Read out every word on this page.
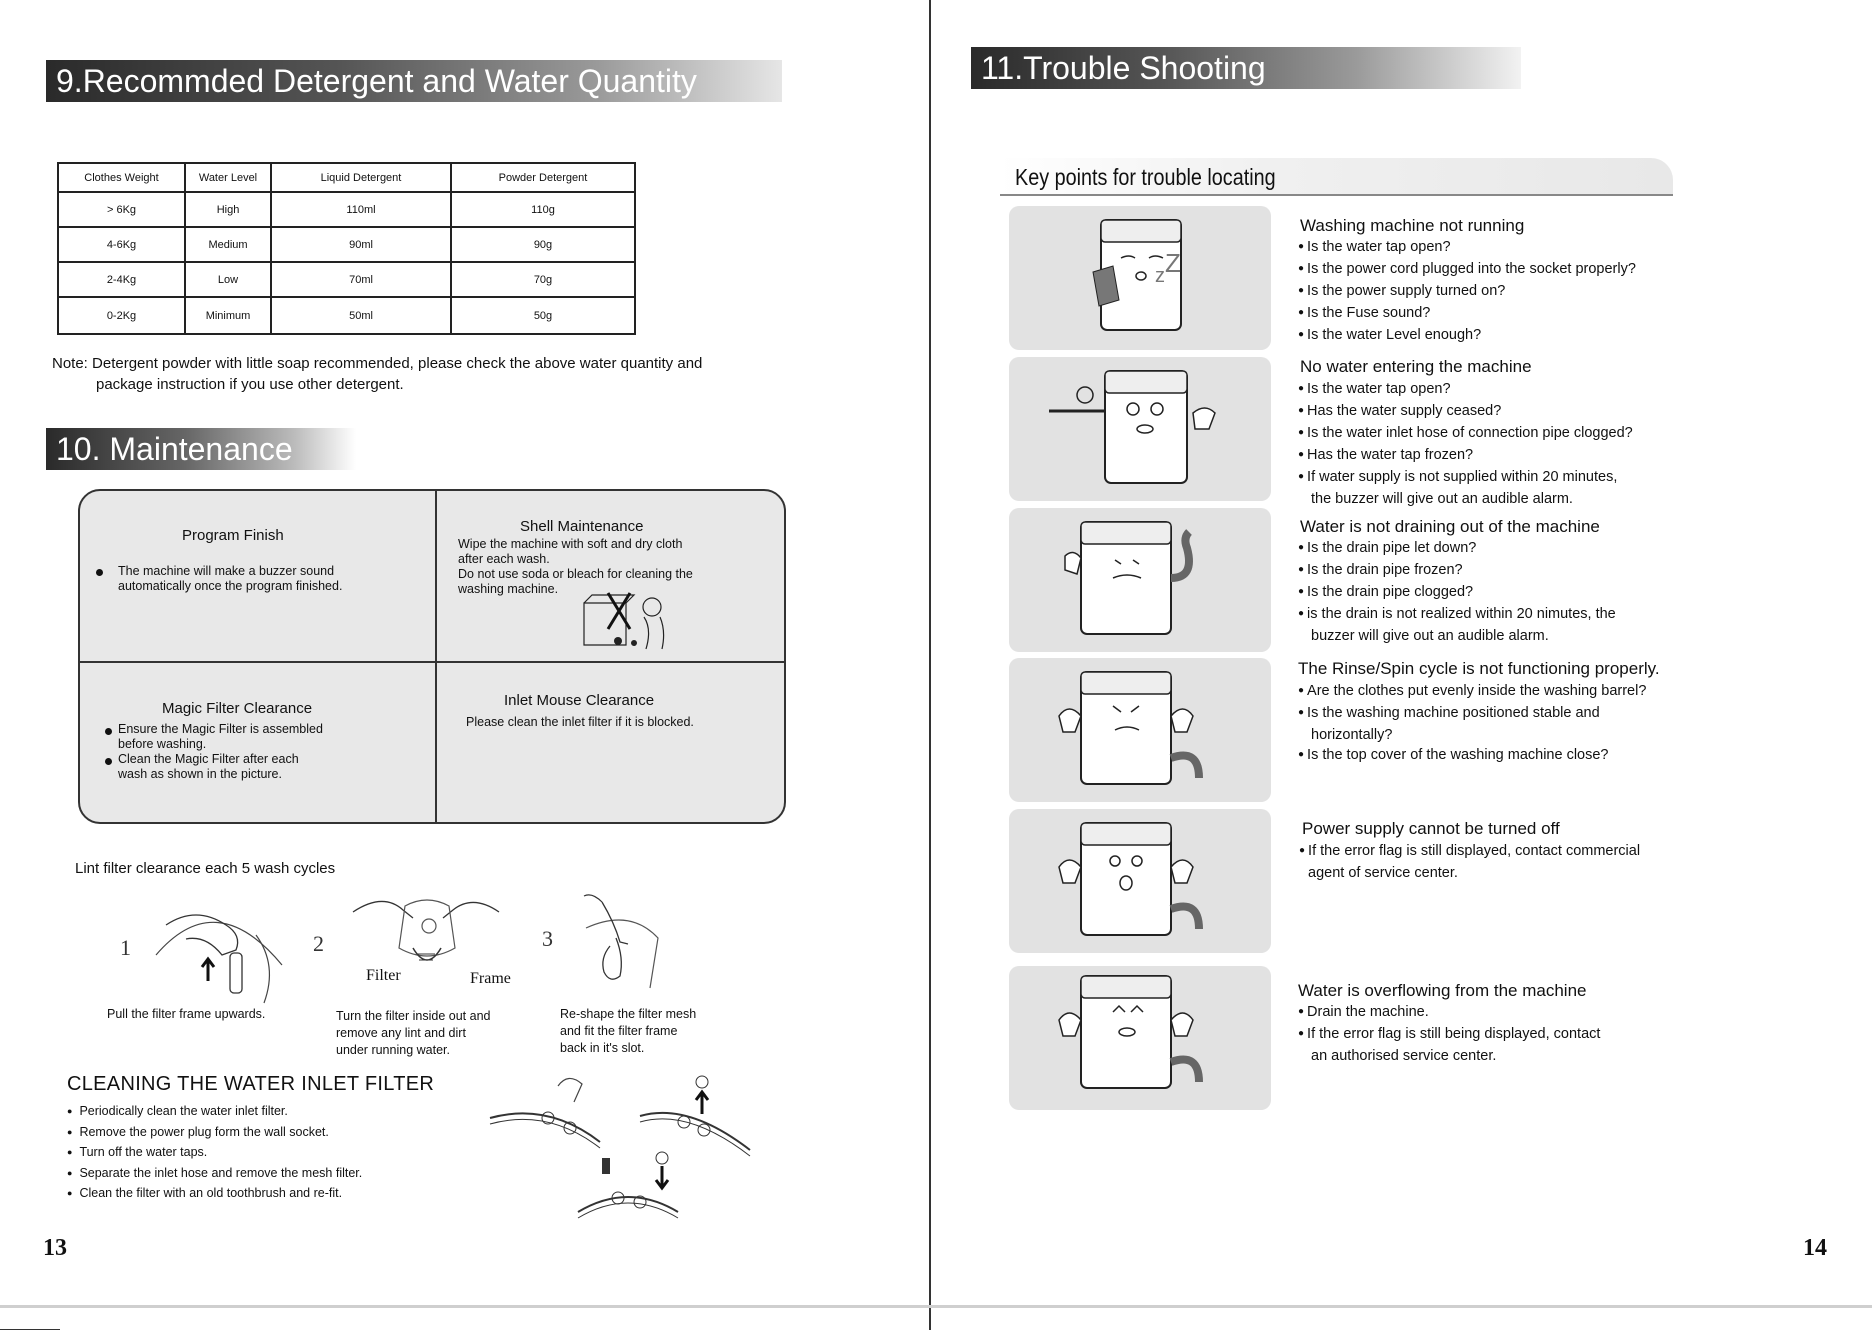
9.Recommded Detergent and Water Quantity
Clothes Weight	Water Level	Liquid Detergent	Powder Detergent
> 6Kg	High	110ml	110g
4-6Kg	Medium	90ml	90g
2-4Kg	Low	70ml	70g
0-2Kg	Minimum	50ml	50g
Note: Detergent powder with little soap recommended, please check the above water quantity and
package instruction if you use other detergent.
10. Maintenance
Program Finish
The machine will make a buzzer sound
automatically once the program finished.
Shell Maintenance
Wipe the machine with soft and dry cloth
after each wash.
Do not use soda or bleach for cleaning the
washing machine.
Magic Filter Clearance
Ensure the Magic Filter is assembled
before washing.
Clean the Magic Filter after each
wash as shown in the picture.
Inlet Mouse Clearance
Please clean the inlet filter if it is blocked.
Lint filter clearance each 5 wash cycles
1	2
Filter	Frame
3
Pull the filter frame upwards.	Turn the filter inside out and
remove any lint and dirt
under running water.
Re-shape the filter mesh
and fit the filter frame
back in it's slot.
CLEANING THE WATER INLET FILTER
● Periodically clean the water inlet filter.
● Remove the power plug form the wall socket.
● Turn off the water taps.
● Separate the inlet hose and remove the mesh filter.
● Clean the filter with an old toothbrush and re-fit.
13
11.Trouble Shooting
Key points for trouble locating
z Z
Washing machine not running
● Is the water tap open?
● Is the power cord plugged into the socket properly?
● Is the power supply turned on?
● Is the Fuse sound?
● Is the water Level enough?
No water entering the machine
● Is the water tap open?
● Has the water supply ceased?
● Is the water inlet hose of connection pipe clogged?
● Has the water tap frozen?
● If water supply is not supplied within 20 minutes,
the buzzer will give out an audible alarm.
Water is not draining out of the machine
● Is the drain pipe let down?
● Is the drain pipe frozen?
● Is the drain pipe clogged?
● is the drain is not realized within 20 nimutes, the
buzzer will give out an audible alarm.
The Rinse/Spin cycle is not functioning properly.
● Are the clothes put evenly inside the washing barrel?
● Is the washing machine positioned stable and
horizontally?
● Is the top cover of the washing machine close?
Power supply cannot be turned off
● If the error flag is still displayed, contact commercial
agent of service center.
Water is overflowing from the machine
● Drain the machine.
● If the error flag is still being displayed, contact
an authorised service center.
14
